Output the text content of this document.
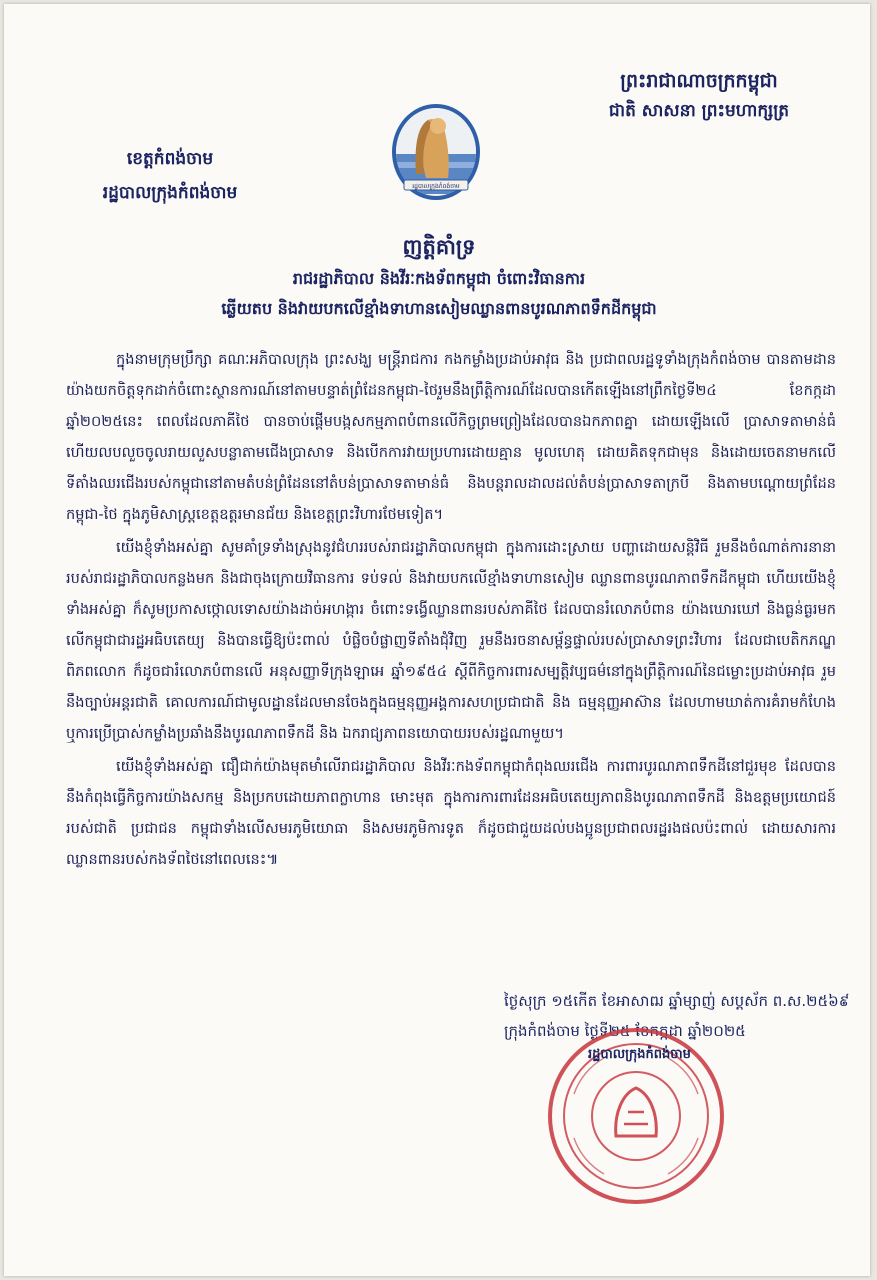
ព្រះរាជាណាចក្រកម្ពុជា
ជាតិ សាសនា ព្រះមហាក្សត្រ
ខេត្តកំពង់ចាម
រដ្ឋបាលក្រុងកំពង់ចាម	រដ្ឋបាលក្រុងកំពង់ចាម
ញត្តិគាំទ្រ
រាជរដ្ឋាភិបាល និងវីរៈកងទ័ពកម្ពុជា ចំពោះវិធានការ
ឆ្លើយតប និងវាយបកលើខ្មាំងទាហានសៀមឈ្លានពានបូរណភាពទឹកដីកម្ពុជា

ក្នុងនាមក្រុមប្រឹក្សា គណៈអភិបាលក្រុង ព្រះសង្ឃ មន្ត្រីរាជការ កងកម្លាំងប្រដាប់អាវុធ និង ប្រជាពលរដ្ឋទូទាំងក្រុងកំពង់ចាម បានតាមដានយ៉ាងយកចិត្តទុកដាក់ចំពោះស្ថានការណ៍នៅតាមបន្ទាត់ព្រំដែនកម្ពុជា-ថៃរួមនឹងព្រឹត្តិការណ៍ដែលបានកើតឡើងនៅព្រឹកថ្ងៃទី២៤ ខែកក្កដា ឆ្នាំ២០២៥នេះ ពេលដែលភាគីថៃ បានចាប់ផ្តើមបង្កសកម្មភាពបំពានលើកិច្ចព្រមព្រៀងដែលបានឯកភាពគ្នា ដោយឡើងលើ ប្រាសាទតាមាន់ធំ ហើយលបលួចចូលរាយលួសបន្លាតាមជើងប្រាសាទ និងបើកការវាយប្រហារដោយគ្មាន មូលហេតុ ដោយគិតទុកជាមុន និងដោយចេតនាមកលើទីតាំងឈរជើងរបស់កម្ពុជានៅតាមតំបន់ព្រំដែននៅតំបន់ប្រាសាទតាមាន់ធំ និងបន្តរាលដាលដល់តំបន់ប្រាសាទតាក្របី និងតាមបណ្តោយព្រំដែនកម្ពុជា-ថៃ ក្នុងភូមិសាស្ត្រខេត្តឧត្តរមានជ័យ និងខេត្តព្រះវិហារថែមទៀត។

យើងខ្ញុំទាំងអស់គ្នា សូមគាំទ្រទាំងស្រុងនូវជំហររបស់រាជរដ្ឋាភិបាលកម្ពុជា ក្នុងការដោះស្រាយ បញ្ហាដោយសន្តិវិធី រួមនឹងចំណាត់ការនានារបស់រាជរដ្ឋាភិបាលកន្លងមក និងជាចុងក្រោយវិធានការ ទប់ទល់ និងវាយបកលើខ្មាំងទាហានសៀម ឈ្លានពានបូរណភាពទឹកដីកម្ពុជា ហើយយើងខ្ញុំទាំងអស់គ្នា ក៏សូមប្រកាសថ្កោលទោសយ៉ាងដាច់អហង្ការ ចំពោះទង្វើឈ្លានពានរបស់ភាគីថៃ ដែលបានរំលោភបំពាន យ៉ាងឃោរឃៅ និងធ្ងន់ធ្ងរមកលើកម្ពុជាជារដ្ឋអធិបតេយ្យ និងបានធ្វើឱ្យប៉ះពាល់ បំផ្លិចបំផ្លាញទីតាំងជុំវិញ រួមនឹងរចនាសម្ព័ន្ធផ្ទាល់របស់ប្រាសាទព្រះវិហារ ដែលជាបេតិកភណ្ឌពិភពលោក ក៏ដូចជារំលោភបំពានលើ អនុសញ្ញាទីក្រុងឡាអេ ឆ្នាំ១៩៥៤ ស្តីពីកិច្ចការពារសម្បត្តិវប្បធម៌នៅក្នុងព្រឹត្តិការណ៍នៃជម្លោះប្រដាប់អាវុធ រួមនឹងច្បាប់អន្តរជាតិ គោលការណ៍ជាមូលដ្ឋានដែលមានចែងក្នុងធម្មនុញ្ញអង្គការសហប្រជាជាតិ និង ធម្មនុញ្ញអាស៊ាន ដែលហាមឃាត់ការគំរាមកំហែង ឬការប្រើប្រាស់កម្លាំងប្រឆាំងនឹងបូរណភាពទឹកដី និង ឯករាជ្យភាពនយោបាយរបស់រដ្ឋណាមួយ។

យើងខ្ញុំទាំងអស់គ្នា ជឿជាក់យ៉ាងមុតមាំលើរាជរដ្ឋាភិបាល និងវីរៈកងទ័ពកម្ពុជាកំពុងឈរជើង ការពារបូរណភាពទឹកដីនៅជួរមុខ ដែលបាននឹងកំពុងធ្វើកិច្ចការយ៉ាងសកម្ម និងប្រកបដោយភាពក្លាហាន មោះមុត ក្នុងការការពារដែនអធិបតេយ្យភាពនិងបូរណភាពទឹកដី និងឧត្តមប្រយោជន៍របស់ជាតិ ប្រជាជន កម្ពុជាទាំងលើសមរភូមិយោធា និងសមរភូមិការទូត ក៏ដូចជាជួយដល់បងប្អូនប្រជាពលរដ្ឋរងផលប៉ះពាល់ ដោយសារការឈ្លានពានរបស់កងទ័ពថៃនៅពេលនេះ៕

ថ្ងៃសុក្រ ១៥កេីត ខែអាសាឍ ឆ្នាំម្សាញ់ សប្តស័ក ព.ស.២៥៦៩
ក្រុងកំពង់ចាម ថ្ងៃទី២៥ ខែកក្កដា ឆ្នាំ២០២៥
រដ្ឋបាលក្រុងកំពង់ចាម
